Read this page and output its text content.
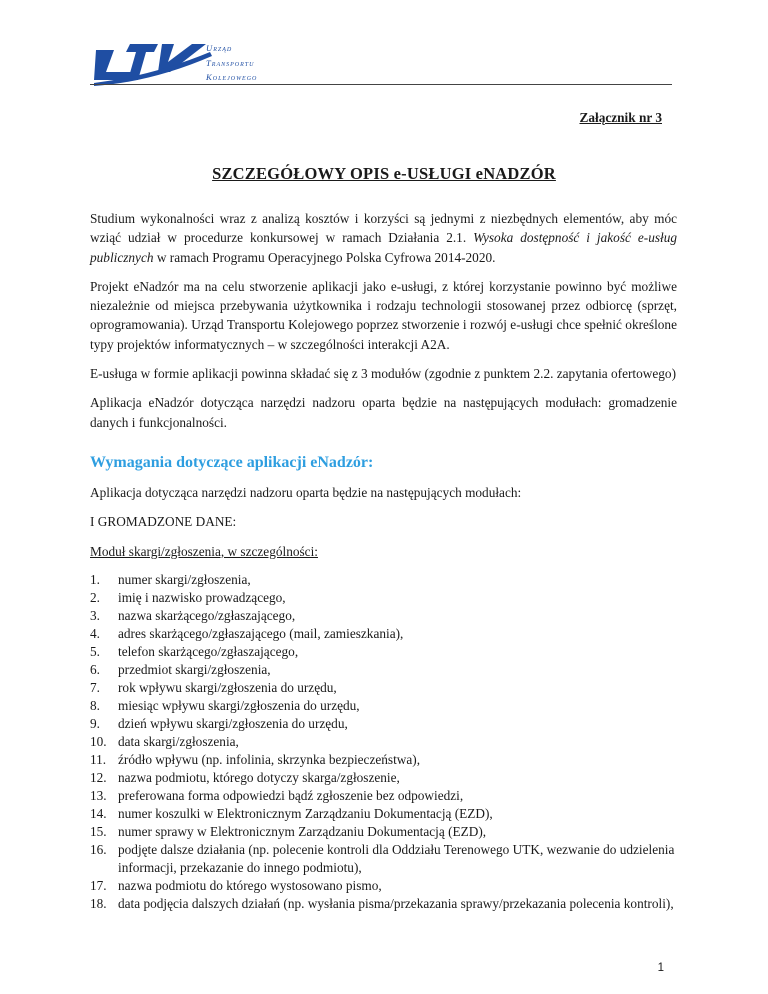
Urząd
Transportu
Kolejowego
Załącznik nr 3
SZCZEGÓŁOWY OPIS e-USŁUGI eNADZÓR

Studium wykonalności wraz z analizą kosztów i korzyści są jednymi z niezbędnych elementów, aby móc wziąć udział w procedurze konkursowej w ramach Działania 2.1. Wysoka dostępność i jakość e-usług publicznych w ramach Programu Operacyjnego Polska Cyfrowa 2014-2020.

Projekt eNadzór ma na celu stworzenie aplikacji jako e-usługi, z której korzystanie powinno być możliwe niezależnie od miejsca przebywania użytkownika i rodzaju technologii stosowanej przez odbiorcę (sprzęt, oprogramowania). Urząd Transportu Kolejowego poprzez stworzenie i rozwój e-usługi chce spełnić określone typy projektów informatycznych – w szczególności interakcji A2A.

E-usługa w formie aplikacji powinna składać się z 3 modułów (zgodnie z punktem 2.2. zapytania ofertowego)

Aplikacja eNadzór dotycząca narzędzi nadzoru oparta będzie na następujących modułach: gromadzenie danych i funkcjonalności.

Wymagania dotyczące aplikacji eNadzór:

Aplikacja dotycząca narzędzi nadzoru oparta będzie na następujących modułach:

I GROMADZONE DANE:

Moduł skargi/zgłoszenia, w szczególności:

1.	numer skargi/zgłoszenia,
2.	imię i nazwisko prowadzącego,
3.	nazwa skarżącego/zgłaszającego,
4.	adres skarżącego/zgłaszającego (mail, zamieszkania),
5.	telefon skarżącego/zgłaszającego,
6.	przedmiot skargi/zgłoszenia,
7.	rok wpływu skargi/zgłoszenia do urzędu,
8.	miesiąc wpływu skargi/zgłoszenia do urzędu,
9.	dzień wpływu skargi/zgłoszenia do urzędu,
10. data skargi/zgłoszenia,
11. źródło wpływu (np. infolinia, skrzynka bezpieczeństwa),
12. nazwa podmiotu, którego dotyczy skarga/zgłoszenie,
13. preferowana forma odpowiedzi bądź zgłoszenie bez odpowiedzi,
14. numer koszulki w Elektronicznym Zarządzaniu Dokumentacją (EZD),
15. numer sprawy w Elektronicznym Zarządzaniu Dokumentacją (EZD),
16. podjęte dalsze działania (np. polecenie kontroli dla Oddziału Terenowego UTK, wezwanie do udzielenia informacji, przekazanie do innego podmiotu),
17. nazwa podmiotu do którego wystosowano pismo,
18. data podjęcia dalszych działań (np. wysłania pisma/przekazania sprawy/przekazania polecenia kontroli),
1
